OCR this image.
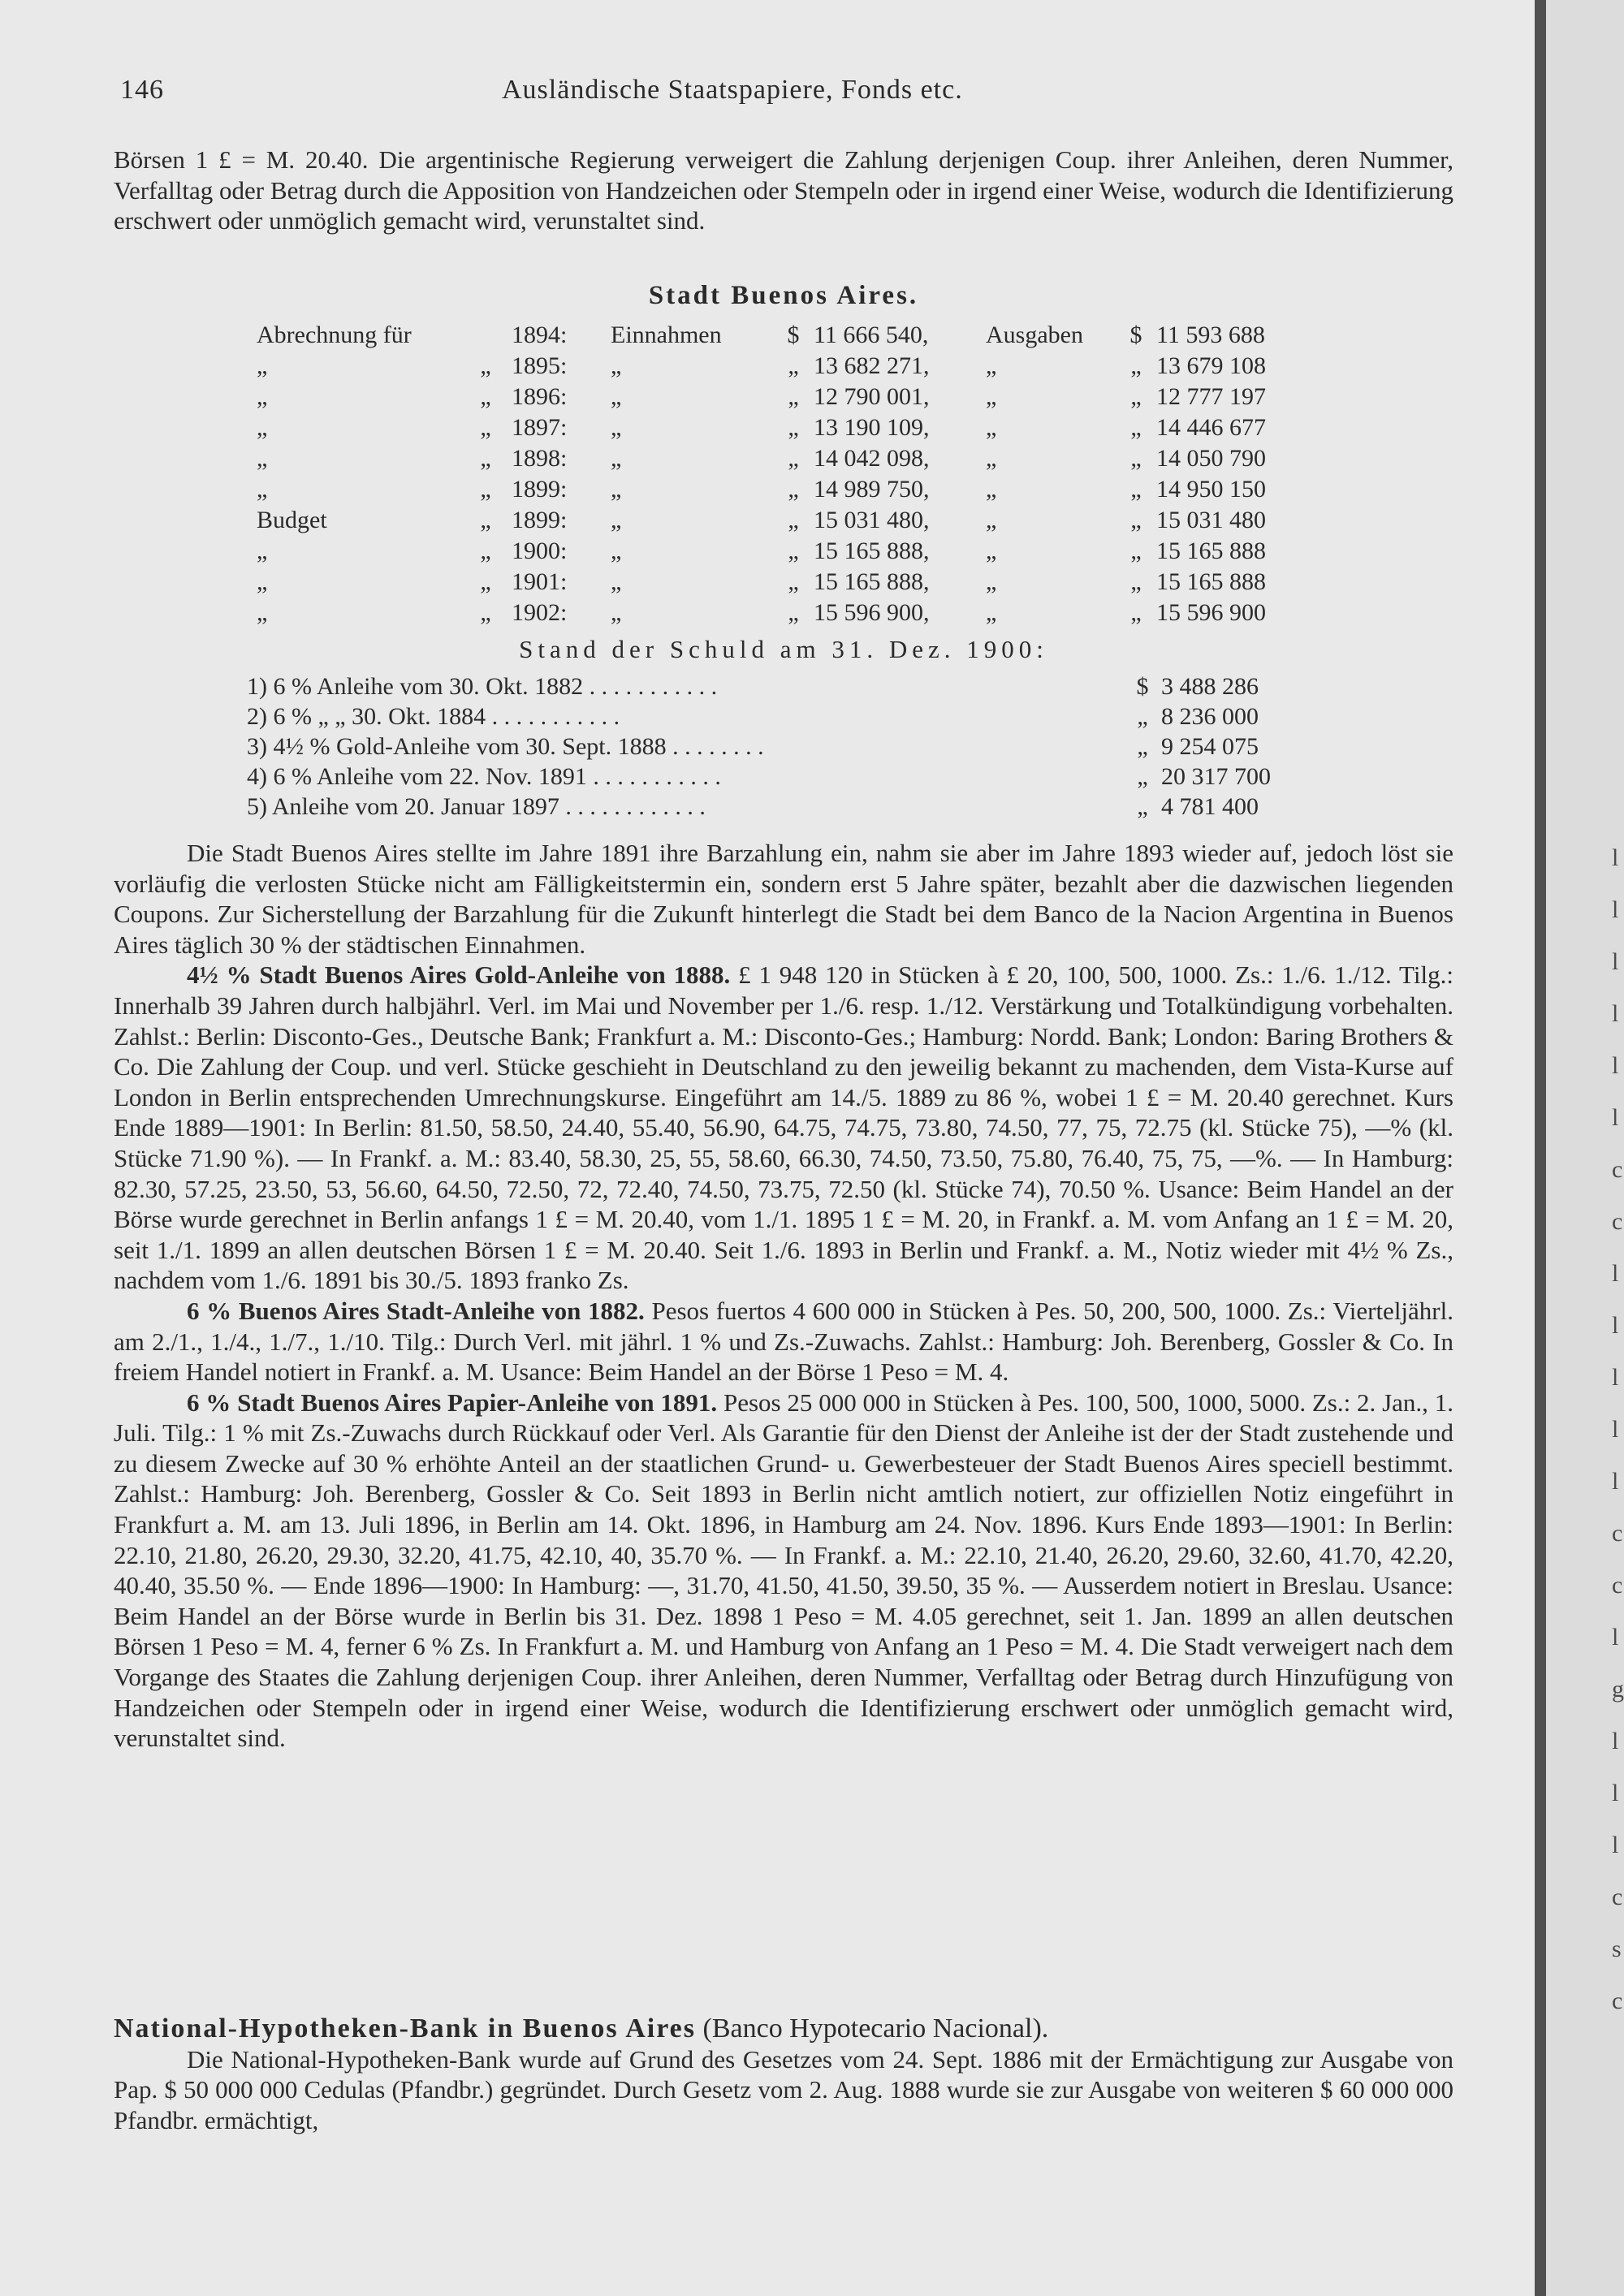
146	Ausländische Staatspapiere, Fonds etc.

Börsen 1 £ = M. 20.40. Die argentinische Regierung verweigert die Zahlung derjenigen Coup. ihrer Anleihen, deren Nummer, Verfalltag oder Betrag durch die Apposition von Handzeichen oder Stempeln oder in irgend einer Weise, wodurch die Identifizierung erschwert oder unmöglich gemacht wird, verunstaltet sind.

Stadt Buenos Aires.
Abrechnung für		1894:	Einnahmen	$	11 666 540,	Ausgaben	$	11 593 688
„	„	1895:	„	„	13 682 271,	„	„	13 679 108
„	„	1896:	„	„	12 790 001,	„	„	12 777 197
„	„	1897:	„	„	13 190 109,	„	„	14 446 677
„	„	1898:	„	„	14 042 098,	„	„	14 050 790
„	„	1899:	„	„	14 989 750,	„	„	14 950 150
Budget	„	1899:	„	„	15 031 480,	„	„	15 031 480
„	„	1900:	„	„	15 165 888,	„	„	15 165 888
„	„	1901:	„	„	15 165 888,	„	„	15 165 888
„	„	1902:	„	„	15 596 900,	„	„	15 596 900
Stand der Schuld am 31. Dez. 1900:
1) 6 % Anleihe vom 30. Okt. 1882 . . . . . . . . . . .	$	3 488 286
2) 6 % „ „ 30. Okt. 1884 . . . . . . . . . . .	„	8 236 000
3) 4½ % Gold-Anleihe vom 30. Sept. 1888 . . . . . . . .	„	9 254 075
4) 6 % Anleihe vom 22. Nov. 1891 . . . . . . . . . . .	„	20 317 700
5) Anleihe vom 20. Januar 1897 . . . . . . . . . . . .	„	4 781 400

Die Stadt Buenos Aires stellte im Jahre 1891 ihre Barzahlung ein, nahm sie aber im Jahre 1893 wieder auf, jedoch löst sie vorläufig die verlosten Stücke nicht am Fälligkeitstermin ein, sondern erst 5 Jahre später, bezahlt aber die dazwischen liegenden Coupons. Zur Sicherstellung der Barzahlung für die Zukunft hinterlegt die Stadt bei dem Banco de la Nacion Argentina in Buenos Aires täglich 30 % der städtischen Einnahmen.

4½ % Stadt Buenos Aires Gold-Anleihe von 1888. £ 1 948 120 in Stücken à £ 20, 100, 500, 1000. Zs.: 1./6. 1./12. Tilg.: Innerhalb 39 Jahren durch halbjährl. Verl. im Mai und November per 1./6. resp. 1./12. Verstärkung und Totalkündigung vorbehalten. Zahlst.: Berlin: Disconto-Ges., Deutsche Bank; Frankfurt a. M.: Disconto-Ges.; Hamburg: Nordd. Bank; London: Baring Brothers & Co. Die Zahlung der Coup. und verl. Stücke geschieht in Deutschland zu den jeweilig bekannt zu machenden, dem Vista-Kurse auf London in Berlin entsprechenden Umrechnungskurse. Eingeführt am 14./5. 1889 zu 86 %, wobei 1 £ = M. 20.40 gerechnet. Kurs Ende 1889—1901: In Berlin: 81.50, 58.50, 24.40, 55.40, 56.90, 64.75, 74.75, 73.80, 74.50, 77, 75, 72.75 (kl. Stücke 75), —% (kl. Stücke 71.90 %). — In Frankf. a. M.: 83.40, 58.30, 25, 55, 58.60, 66.30, 74.50, 73.50, 75.80, 76.40, 75, 75, —%. — In Hamburg: 82.30, 57.25, 23.50, 53, 56.60, 64.50, 72.50, 72, 72.40, 74.50, 73.75, 72.50 (kl. Stücke 74), 70.50 %. Usance: Beim Handel an der Börse wurde gerechnet in Berlin anfangs 1 £ = M. 20.40, vom 1./1. 1895 1 £ = M. 20, in Frankf. a. M. vom Anfang an 1 £ = M. 20, seit 1./1. 1899 an allen deutschen Börsen 1 £ = M. 20.40. Seit 1./6. 1893 in Berlin und Frankf. a. M., Notiz wieder mit 4½ % Zs., nachdem vom 1./6. 1891 bis 30./5. 1893 franko Zs.

6 % Buenos Aires Stadt-Anleihe von 1882. Pesos fuertos 4 600 000 in Stücken à Pes. 50, 200, 500, 1000. Zs.: Vierteljährl. am 2./1., 1./4., 1./7., 1./10. Tilg.: Durch Verl. mit jährl. 1 % und Zs.-Zuwachs. Zahlst.: Hamburg: Joh. Berenberg, Gossler & Co. In freiem Handel notiert in Frankf. a. M. Usance: Beim Handel an der Börse 1 Peso = M. 4.

6 % Stadt Buenos Aires Papier-Anleihe von 1891. Pesos 25 000 000 in Stücken à Pes. 100, 500, 1000, 5000. Zs.: 2. Jan., 1. Juli. Tilg.: 1 % mit Zs.-Zuwachs durch Rückkauf oder Verl. Als Garantie für den Dienst der Anleihe ist der der Stadt zustehende und zu diesem Zwecke auf 30 % erhöhte Anteil an der staatlichen Grund- u. Gewerbesteuer der Stadt Buenos Aires speciell bestimmt. Zahlst.: Hamburg: Joh. Berenberg, Gossler & Co. Seit 1893 in Berlin nicht amtlich notiert, zur offiziellen Notiz eingeführt in Frankfurt a. M. am 13. Juli 1896, in Berlin am 14. Okt. 1896, in Hamburg am 24. Nov. 1896. Kurs Ende 1893—1901: In Berlin: 22.10, 21.80, 26.20, 29.30, 32.20, 41.75, 42.10, 40, 35.70 %. — In Frankf. a. M.: 22.10, 21.40, 26.20, 29.60, 32.60, 41.70, 42.20, 40.40, 35.50 %. — Ende 1896—1900: In Hamburg: —, 31.70, 41.50, 41.50, 39.50, 35 %. — Ausserdem notiert in Breslau. Usance: Beim Handel an der Börse wurde in Berlin bis 31. Dez. 1898 1 Peso = M. 4.05 gerechnet, seit 1. Jan. 1899 an allen deutschen Börsen 1 Peso = M. 4, ferner 6 % Zs. In Frankfurt a. M. und Hamburg von Anfang an 1 Peso = M. 4. Die Stadt verweigert nach dem Vorgange des Staates die Zahlung derjenigen Coup. ihrer Anleihen, deren Nummer, Verfalltag oder Betrag durch Hinzufügung von Handzeichen oder Stempeln oder in irgend einer Weise, wodurch die Identifizierung erschwert oder unmöglich gemacht wird, verunstaltet sind.

National-Hypotheken-Bank in Buenos Aires (Banco Hypotecario Nacional).

Die National-Hypotheken-Bank wurde auf Grund des Gesetzes vom 24. Sept. 1886 mit der Ermächtigung zur Ausgabe von Pap. $ 50 000 000 Cedulas (Pfandbr.) gegründet. Durch Gesetz vom 2. Aug. 1888 wurde sie zur Ausgabe von weiteren $ 60 000 000 Pfandbr. ermächtigt,

l
l
l
l
l
l
c
c
l
l
l
l
l
c
c
l
g
l
l
l
c
s
c
